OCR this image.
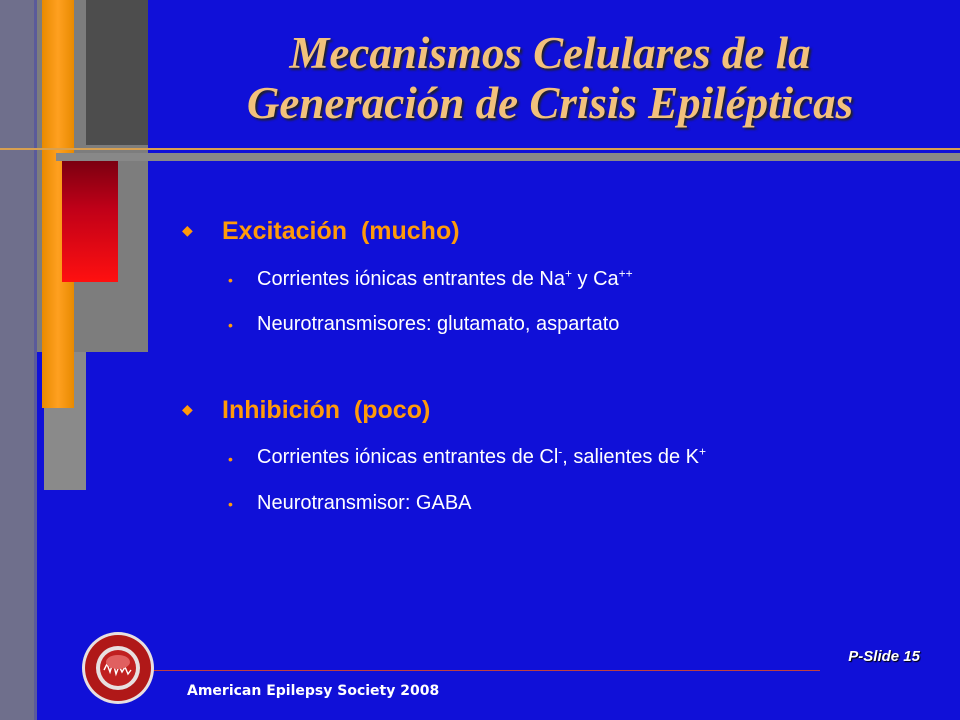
Mecanismos Celulares de la
Generación de Crisis Epilépticas
◆ Excitación  (mucho)
• Corrientes iónicas entrantes de Na+ y Ca++
• Neurotransmisores: glutamato, aspartato
◆ Inhibición  (poco)
• Corrientes iónicas entrantes de Cl-, salientes de K+
• Neurotransmisor: GABA
American Epilepsy Society 2008
P-Slide 15
